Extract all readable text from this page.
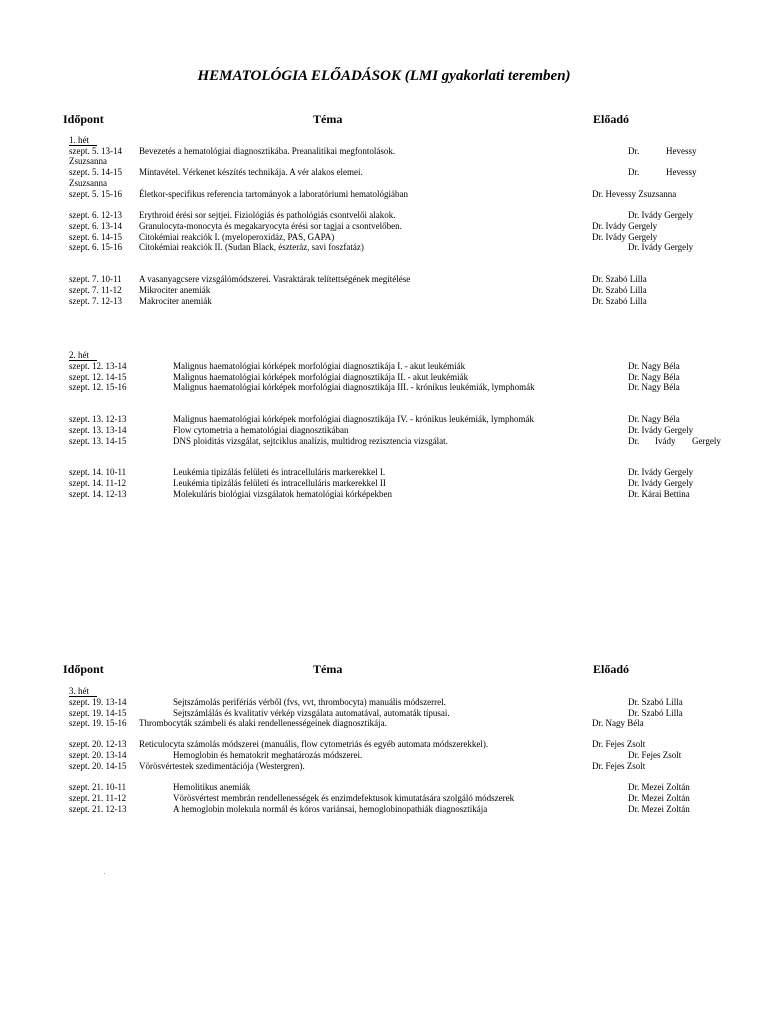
HEMATOLÓGIA ELŐADÁSOK (LMI gyakorlati teremben)
Időpont	Téma	Előadó
1. hét
szept. 5. 13-14 Bevezetés a hematológiai diagnosztikába. Preanalitikai megfontolások.	Dr.	Hevessy
Zsuzsanna
szept. 5. 14-15 Mintavétel. Vérkenet készítés technikája. A vér alakos elemei.	Dr.	Hevessy
Zsuzsanna
szept. 5. 15-16 Életkor-specifikus referencia tartományok a laboratóriumi hematológiában	Dr. Hevessy Zsuzsanna
szept. 6. 12-13 Erythroid érési sor sejtjei. Fiziológiás és pathológiás csontvelői alakok.	Dr. Ivády Gergely
szept. 6. 13-14 Granulocyta-monocyta és megakaryocyta érési sor tagjai a csontvelőben.	Dr. Ivády Gergely
szept. 6. 14-15 Citokémiai reakciók I. (myeloperoxidáz, PAS, GAPA)	Dr. Ivády Gergely
szept. 6. 15-16 Citokémiai reakciók II. (Sudan Black, észteráz, savi foszfatáz)	Dr. Ivády Gergely
szept. 7. 10-11 A vasanyagcsere vizsgálómódszerei. Vasraktárak telítettségének megítélése	Dr. Szabó Lilla
szept. 7. 11-12 Mikrociter anemiák	Dr. Szabó Lilla
szept. 7. 12-13 Makrociter anemiák	Dr. Szabó Lilla
2. hét
szept. 12. 13-14	Malignus haematológiai kórképek morfológiai diagnosztikája I. - akut leukémiák	Dr. Nagy Béla
szept. 12. 14-15	Malignus haematológiai kórképek morfológiai diagnosztikája II. - akut leukémiák	Dr. Nagy Béla
szept. 12. 15-16	Malignus haematológiai kórképek morfológiai diagnosztikája III. - krónikus leukémiák, lymphomák	Dr. Nagy Béla
szept. 13. 12-13	Malignus haematológiai kórképek morfológiai diagnosztikája IV. - krónikus leukémiák, lymphomák	Dr. Nagy Béla
szept. 13. 13-14	Flow cytometria a hematológiai diagnosztikában	Dr. Ivády Gergely
szept. 13. 14-15	DNS ploiditás vizsgálat, sejtciklus analízis, multidrog rezisztencia vizsgálat.	Dr. Ivády Gergely
szept. 14. 10-11	Leukémia tipizálás felületi és intracelluláris markerekkel I.	Dr. Ivády Gergely
szept. 14. 11-12	Leukémia tipizálás felületi és intracelluláris markerekkel II	Dr. Ivády Gergely
szept. 14. 12-13	Molekuláris biológiai vizsgálatok hematológiai kórképekben	Dr. Kárai Bettina
Időpont	Téma	Előadó
3. hét
szept. 19. 13-14	Sejtszámolás perifériás vérből (fvs, vvt, thrombocyta) manuális módszerrel.	Dr. Szabó Lilla
szept. 19. 14-15	Sejtszámlálás és kvalitatív vérkép vizsgálata automatával, automaták típusai.	Dr. Szabó Lilla
szept. 19. 15-16 Thrombocyták számbeli és alaki rendellenességeinek diagnosztikája.	Dr. Nagy Béla
szept. 20. 12-13 Reticulocyta számolás módszerei (manuális, flow cytometriás és egyéb automata módszerekkel).	Dr. Fejes Zsolt
szept. 20. 13-14	Hemoglobin és hematokrit meghatározás módszerei.	Dr. Fejes Zsolt
szept. 20. 14-15 Vörösvértestek szedimentációja (Westergren).	Dr. Fejes Zsolt
szept. 21. 10-11	Hemolitikus anemiák	Dr. Mezei Zoltán
szept. 21. 11-12	Vörösvértest membrán rendellenességek és enzimdefektusok kimutatására szolgáló módszerek	Dr. Mezei Zoltán
szept. 21. 12-13	A hemoglobin molekula normál és kóros variánsai, hemoglobinopathiák diagnosztikája	Dr. Mezei Zoltán
.
